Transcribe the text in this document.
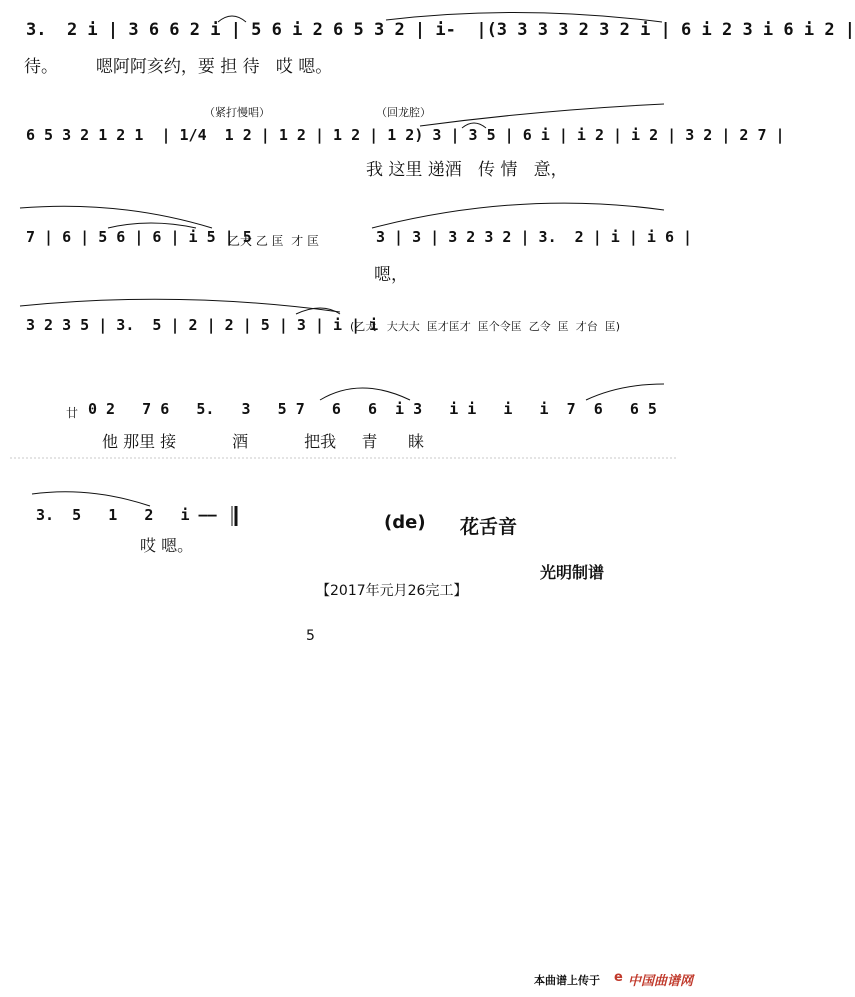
3.  2 i | 3 6 6 2 i | 5 6 i 2 6 5 3 2 | i-  |(3 3 3 3 2 3 2 i | 6 i 2 3 i 6 i 2 |
待。       嗯阿阿亥约，要 担 待   哎 嗯。
（紧打慢唱）	（回龙腔）
6 5 3 2 1 2 1  | 1/4  1 2 | 1 2 | 1 2 | 1 2) 3 | 3 5 | 6 i | i 2 | i 2 | 3 2 | 2 7 |
我 这里 递酒   传 情   意，
7 | 6 | 5 6 | 6 | i 5 | 5
乙大 乙 匡  才 匡	3 | 3 | 3 2 3 2 | 3.  2 | i | i 6 |
嗯，
3 2 3 5 | 3.  5 | 2 | 2 | 5 | 3 | i | i
(乙大   大大大  匡才匡才  匡个令匡  乙令  匡  才台  匡)
廿 0 2   7 6   5.   3   5 7   6   6  i 3   i i   i   i  7  6   6 5
他 那里 接           酒           把我     青      睐
3.  5   1   2   i ——
哎 嗯。
(de) 花舌音
光明制谱
【2017年元月26完工】
5
本曲谱上传于 e 中国曲谱网
